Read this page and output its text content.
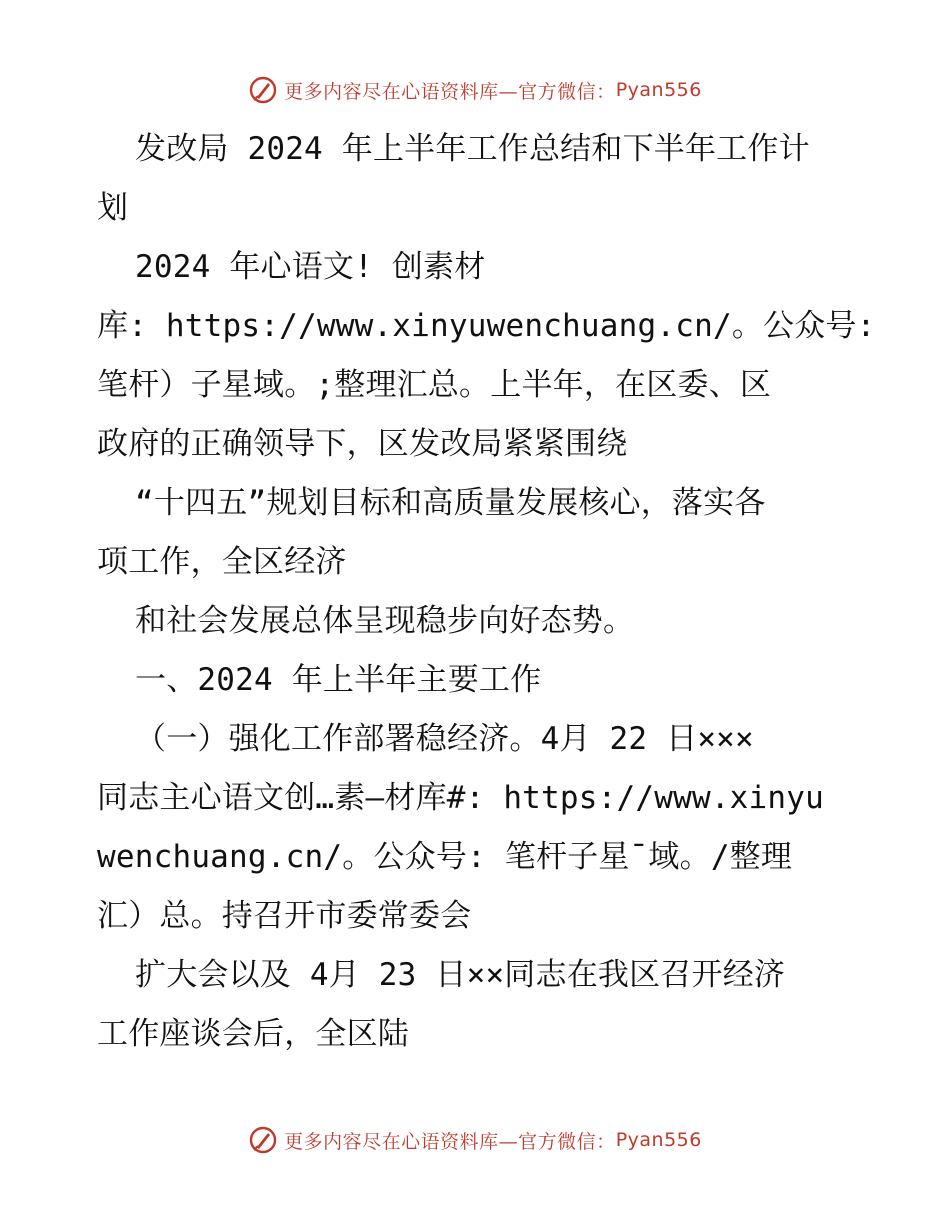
更多内容尽在心语资料库 —官方微信： Pyan556
发改局 2024 年上半年工作总结和下半年工作计
划
2024 年心语文! 创素材
库: https://www.xinyuwenchuang.cn/。公众号:
笔杆）子星域。;整理汇总。上半年，在区委、区
政府的正确领导下，区发改局紧紧围绕
“十四五”规划目标和高质量发展核心，落实各
项工作，全区经济
和社会发展总体呈现稳步向好态势。
一、2024 年上半年主要工作
（一）强化工作部署稳经济。4月 22 日×××
同志主心语文创…素—材库#: https://www.xinyu
wenchuang.cn/。公众号: 笔杆子星¯域。/整理
汇）总。持召开市委常委会
扩大会以及 4月 23 日××同志在我区召开经济
工作座谈会后，全区陆
更多内容尽在心语资料库 —官方微信： Pyan556
